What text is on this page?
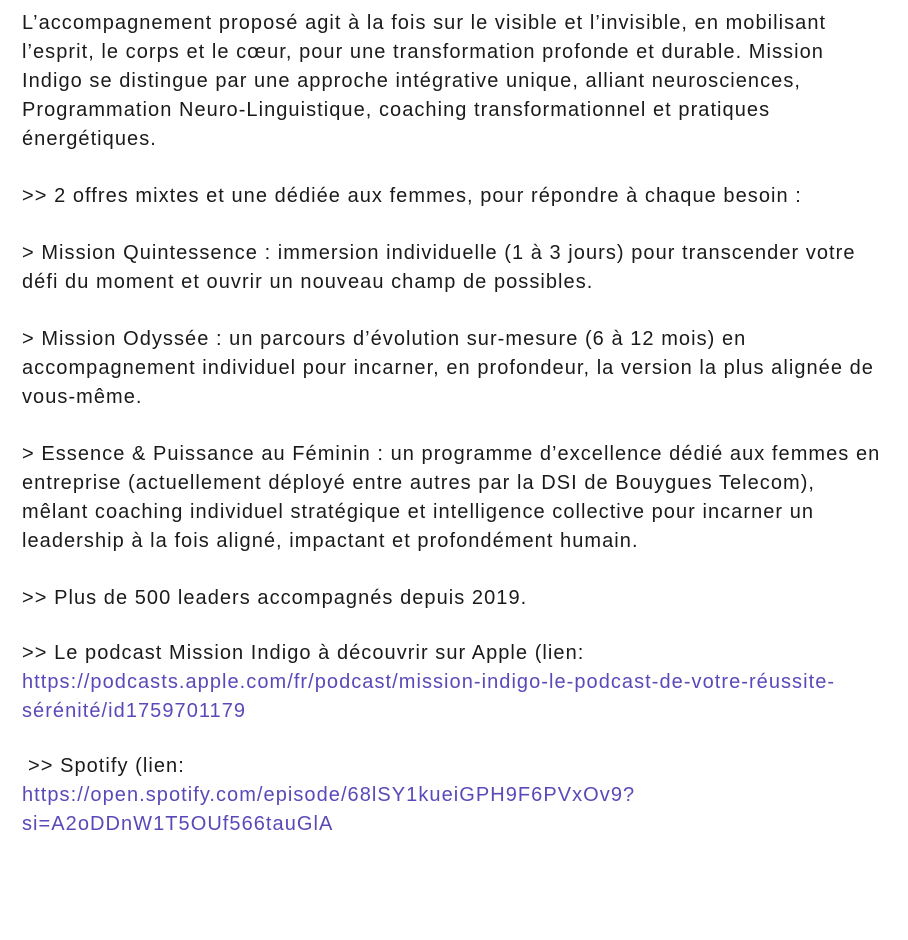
L’accompagnement proposé agit à la fois sur le visible et l’invisible, en mobilisant l’esprit, le corps et le cœur, pour une transformation profonde et durable. Mission Indigo se distingue par une approche intégrative unique, alliant neurosciences, Programmation Neuro-Linguistique, coaching transformationnel et pratiques énergétiques.

>> 2 offres mixtes et une dédiée aux femmes, pour répondre à chaque besoin :

> Mission Quintessence : immersion individuelle (1 à 3 jours) pour transcender votre défi du moment et ouvrir un nouveau champ de possibles.

> Mission Odyssée : un parcours d’évolution sur-mesure (6 à 12 mois) en accompagnement individuel pour incarner, en profondeur, la version la plus alignée de vous-même.

> Essence & Puissance au Féminin : un programme d’excellence dédié aux femmes en entreprise (actuellement déployé entre autres par la DSI de Bouygues Telecom), mêlant coaching individuel stratégique et intelligence collective pour incarner un leadership à la fois aligné, impactant et profondément humain.

>> Plus de 500 leaders accompagnés depuis 2019.

>> Le podcast Mission Indigo à découvrir sur Apple (lien:
https://podcasts.apple.com/fr/podcast/mission-indigo-le-podcast-de-votre-réussite-sérénité/id1759701179
>> Spotify (lien:
https://open.spotify.com/episode/68lSY1kueiGPH9F6PVxOv9?si=A2oDDnW1T5OUf566tauGlA
